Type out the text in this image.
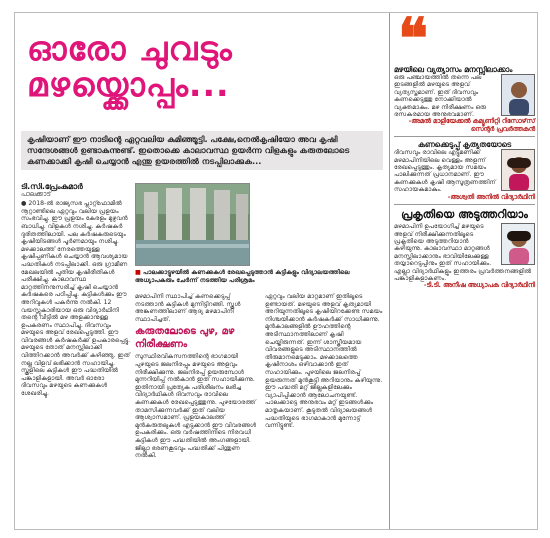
ഓരോ ചുവടും
മഴയ്ക്കൊപ്പം...
കൃഷിയാണ് ഈ നാടിന്റെ ഏറ്റവലിയ കുമിഞ്ഞൂട്ടി. പക്ഷേ,നെൽകൃഷിയോ അവ കൃഷി സന്ദേശങ്ങൾ ഉണ്ടാകുന്നുണ്ട്. ഇതൊക്കെ കാലാവസ്ഥ ഉയർന്ന വിളകളും കരുതലോടെ കണക്കാക്കി കൃഷി ചെയ്യാൻ എന്തു ഉയരത്തിൽ നടപ്പിലാക്കുക...
ടി.സി.പ്രേംകുമാർ
പാലക്കാട്
● 2018-ൽ രാജ്യസഭ പ്ലാറ്റ്ഫോമിൽ നൂറ്റാണ്ടിലെ ഏറ്റവും വലിയ പ്രളയം സംഭവിച്ചു. ഈ പ്രളയം കേരളം മുഴുവൻ ബാധിച്ചു. വിളകൾ നശിച്ചു. കർഷകർ ദുരിതത്തിലായി. പല കർഷകരുടെയും കൃഷിയിടങ്ങൾ പൂർണമായും നശിച്ചു. മഴക്കാലത്ത് നേരത്തെയുള്ള കൃഷിപ്പണികൾ ചെയ്യാൻ ആവശ്യമായ പദ്ധതികൾ നടപ്പിലാക്കി. ഒരു ഗ്രാമീണ മേഖലയിൽ പുതിയ കൃഷിരീതികൾ പരീക്ഷിച്ചു. കാലാവസ്ഥ മാറ്റത്തിനനുസരിച്ച് കൃഷി ചെയ്യാൻ കർഷകരെ പഠിപ്പിച്ചു. കുട്ടികൾക്കും ഈ അറിവുകൾ പകർന്നു നൽകി. 12 വയസ്സുകാരിയായ ഒരു വിദ്യാർഥിനി തന്റെ വീട്ടിൽ മഴ അളക്കാനുള്ള ഉപകരണം സ്ഥാപിച്ചു. ദിവസവും മഴയുടെ അളവ് രേഖപ്പെടുത്തി. ഈ വിവരങ്ങൾ കർഷകർക്ക് ഉപകാരപ്പെട്ടു. മഴയുടെ തോത് മനസ്സിലാക്കി വിത്തിറക്കാൻ അവർക്ക് കഴിഞ്ഞു. ഇത് നല്ല വിളവ് ലഭിക്കാൻ സഹായിച്ചു. സ്കൂളിലെ കുട്ടികൾ ഈ പദ്ധതിയിൽ പങ്കാളികളായി. അവർ ഓരോ ദിവസവും മഴയുടെ കണക്കുകൾ ശേഖരിച്ചു.
■ പാലക്കാട്ടുഴയിൽ കണക്കുകൾ രേഖപ്പെടുത്താൻ കുട്ടികളും വിദ്യാലയത്തിലെ അധ്യാപകരും ചേർന്ന് നടത്തിയ പരിശ്രമം
മഴമാപിനി സ്ഥാപിച്ച് കണക്കെടുപ്പ് നടത്താൻ കുട്ടികൾ മുന്നിട്ടിറങ്ങി. സ്കൂൾ അങ്കണത്തിലാണ് ആദ്യ മഴമാപിനി സ്ഥാപിച്ചത്.
കരുതലോടെ പുഴ, മഴ നിരീക്ഷണം
സുസ്ഥിരവികസനത്തിന്റെ ഭാഗമായി പുഴയുടെ ജലനിരപ്പും മഴയുടെ അളവും നിരീക്ഷിക്കുന്നു. ജലനിരപ്പ് ഉയരുമ്പോൾ മുന്നറിയിപ്പ് നൽകാൻ ഇത് സഹായിക്കുന്നു. ഇതിനായി പ്രത്യേക പരിശീലനം ലഭിച്ച വിദ്യാർഥികൾ ദിവസവും രാവിലെ കണക്കുകൾ രേഖപ്പെടുത്തുന്നു. പുഴയോരത്ത് താമസിക്കുന്നവർക്ക് ഇത് വലിയ ആശ്വാസമാണ്. പ്രളയകാലത്ത് മുൻകരുതലുകൾ എടുക്കാൻ ഈ വിവരങ്ങൾ ഉപകരിക്കും. ഒരു വർഷത്തിനിടെ നിരവധി കുട്ടികൾ ഈ പദ്ധതിയിൽ അംഗങ്ങളായി. ജില്ലാ ഭരണകൂടവും പദ്ധതിക്ക് പിന്തുണ നൽകി.
ഏറ്റവും വലിയ മാറ്റമാണ് ഇതിലൂടെ ഉണ്ടായത്. മഴയുടെ അളവ് കൃത്യമായി അറിയുന്നതിലൂടെ കൃഷിയിറക്കേണ്ട സമയം നിശ്ചയിക്കാൻ കർഷകർക്ക് സാധിക്കുന്നു. മുൻകാലങ്ങളിൽ ഊഹത്തിന്റെ അടിസ്ഥാനത്തിലാണ് കൃഷി ചെയ്തിരുന്നത്. ഇന്ന് ശാസ്ത്രീയമായ വിവരങ്ങളുടെ അടിസ്ഥാനത്തിൽ തീരുമാനമെടുക്കാം. മഴക്കാലത്തെ കൃഷിനാശം ഒഴിവാക്കാൻ ഇത് സഹായിക്കും. പുഴയിലെ ജലനിരപ്പ് ഉയരുന്നത് മുൻകൂട്ടി അറിയാനും കഴിയുന്നു. ഈ പദ്ധതി മറ്റ് ജില്ലകളിലേക്കും വ്യാപിപ്പിക്കാൻ ആലോചനയുണ്ട്. പാലക്കാട്ടെ അനുഭവം മറ്റ് ഇടങ്ങൾക്കും മാതൃകയാണ്. കൂടുതൽ വിദ്യാലയങ്ങൾ പദ്ധതിയുടെ ഭാഗമാകാൻ മുന്നോട്ട് വന്നിട്ടുണ്ട്.
❝
മഴയിലെ വ്യത്യാസം മനസ്സിലാക്കാം
ഒരു പഞ്ചായത്തിൽ തന്നെ പല ഇടങ്ങളിൽ മഴയുടെ അളവ് വ്യത്യസ്തമാണ്. ഇത് ദിവസവും കണക്കെടുത്തു നോക്കിയാൽ വ്യക്തമാകും. മഴ നിരീക്ഷണം ഒരു രസകരമായ അനുഭവമാണ്.
-അമൽ മാളിയേക്കൽ കമ്യൂണിറ്റി റിസോഴ്‌സ് സെന്റർ പ്രവർത്തകൻ
കണക്കെടുപ്പ് കൃത്യതയോടെ
ദിവസവും രാവിലെ എട്ടുമണിക്ക് മഴമാപിനിയിലെ വെള്ളം അളന്ന് രേഖപ്പെടുത്തും. കൃത്യമായ സമയം പാലിക്കുന്നത് പ്രധാനമാണ്. ഈ കണക്കുകൾ കൃഷി ആസൂത്രണത്തിന് സഹായകമാകും.
-അശ്വതി അനിൽ വിദ്യാർഥിനി
പ്രകൃതിയെ അടുത്തറിയാം
മഴമാപിനി ഉപയോഗിച്ച് മഴയുടെ അളവ് നിരീക്ഷിക്കുന്നതിലൂടെ പ്രകൃതിയെ അടുത്തറിയാൻ കഴിയുന്നു. കാലാവസ്ഥാ മാറ്റങ്ങൾ മനസ്സിലാക്കാനും ഭാവിയിലേക്കുള്ള തയ്യാറെടുപ്പിനും ഇത് സഹായിക്കും. എല്ലാ വിദ്യാർഥികളും ഇത്തരം പ്രവർത്തനങ്ങളിൽ പങ്കാളികളാകണം.
-ടി.ടി. അനീഷ അധ്യാപക വിദ്യാർഥിനി
